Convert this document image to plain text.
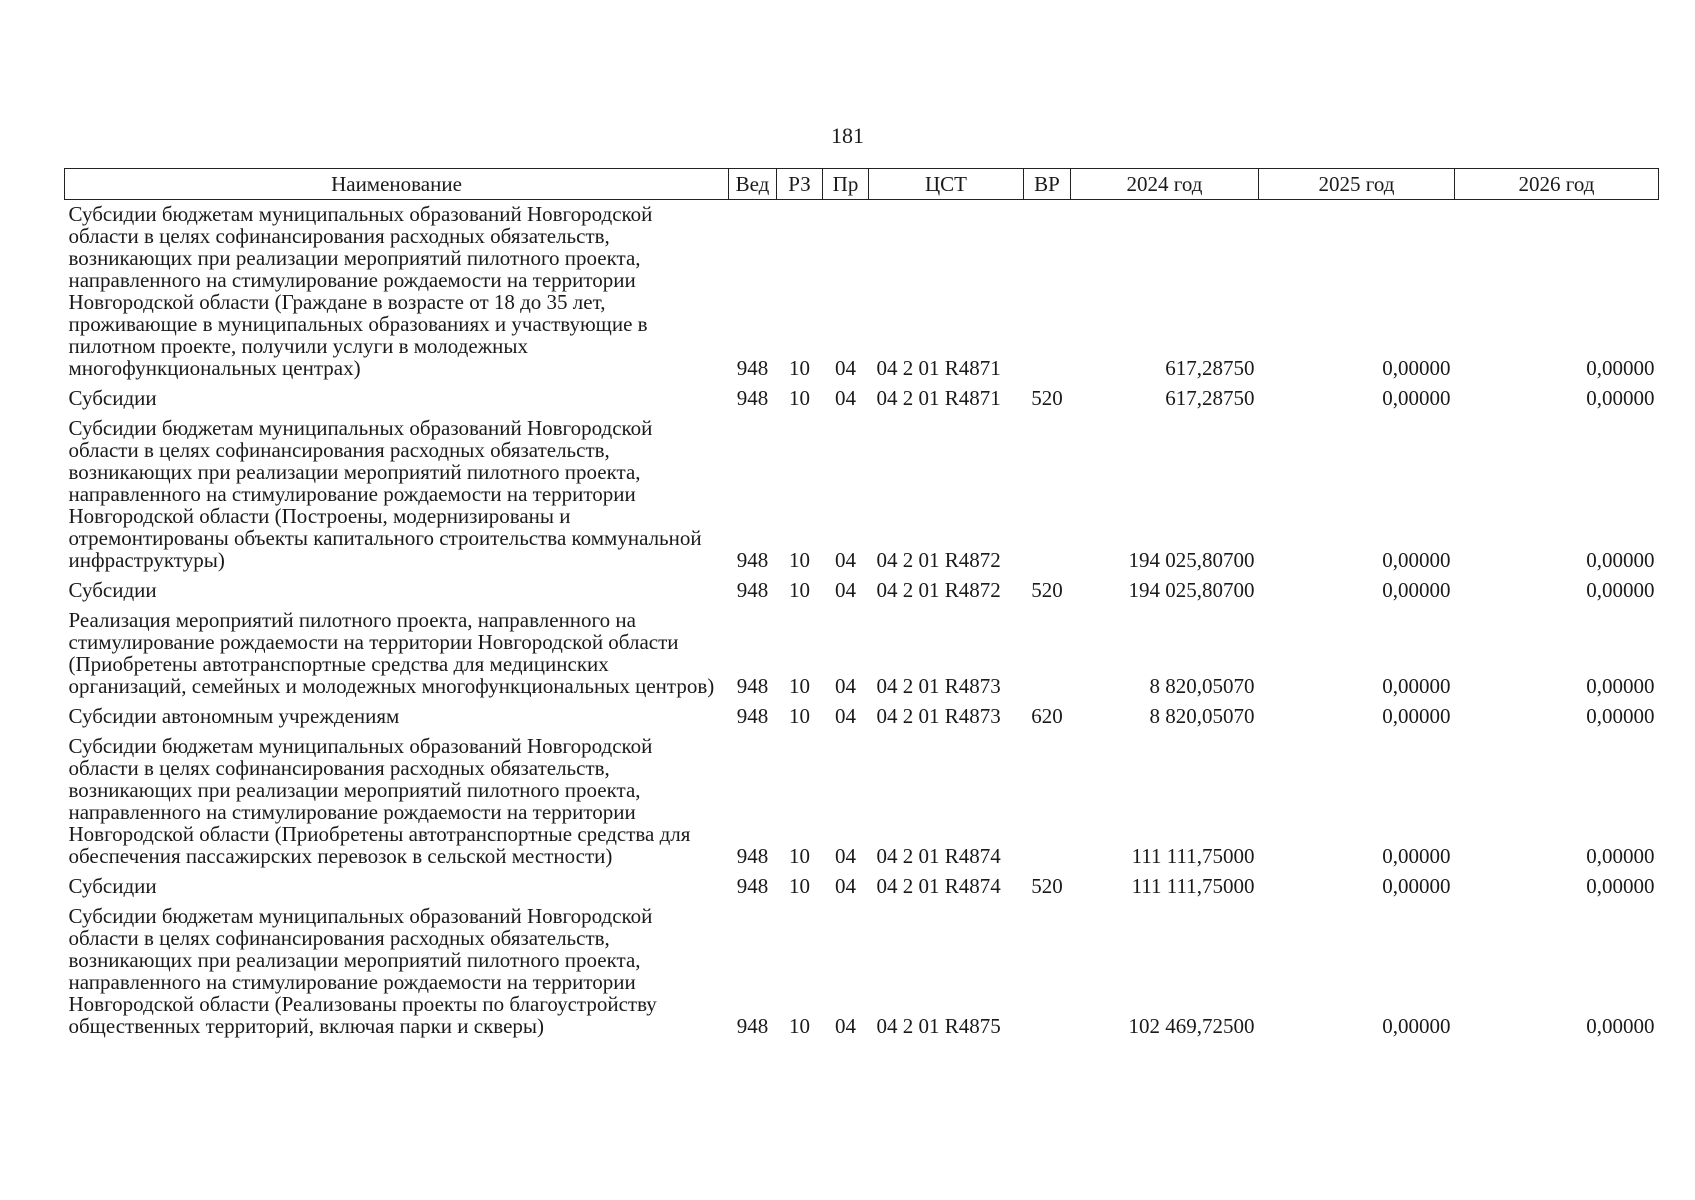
181
Наименование	Вед	РЗ	Пр	ЦСТ	ВР	2024 год	2025 год	2026 год
Субсидии бюджетам муниципальных образований Новгородской области в целях софинансирования расходных обязательств, возникающих при реализации мероприятий пилотного проекта, направленного на стимулирование рождаемости на территории Новгородской области (Граждане в возрасте от 18 до 35 лет, проживающие в муниципальных образованиях и участвующие в пилотном проекте, получили услуги в молодежных многофункциональных центрах)	948	10	04	04 2 01 R4871		617,28750	0,00000	0,00000
Субсидии	948	10	04	04 2 01 R4871	520	617,28750	0,00000	0,00000
Субсидии бюджетам муниципальных образований Новгородской области в целях софинансирования расходных обязательств, возникающих при реализации мероприятий пилотного проекта, направленного на стимулирование рождаемости на территории Новгородской области (Построены, модернизированы и отремонтированы объекты капитального строительства коммунальной инфраструктуры)	948	10	04	04 2 01 R4872		194 025,80700	0,00000	0,00000
Субсидии	948	10	04	04 2 01 R4872	520	194 025,80700	0,00000	0,00000
Реализация мероприятий пилотного проекта, направленного на стимулирование рождаемости на территории Новгородской области (Приобретены автотранспортные средства для медицинских организаций, семейных и молодежных многофункциональных центров)	948	10	04	04 2 01 R4873		8 820,05070	0,00000	0,00000
Субсидии автономным учреждениям	948	10	04	04 2 01 R4873	620	8 820,05070	0,00000	0,00000
Субсидии бюджетам муниципальных образований Новгородской области в целях софинансирования расходных обязательств, возникающих при реализации мероприятий пилотного проекта, направленного на стимулирование рождаемости на территории Новгородской области (Приобретены автотранспортные средства для обеспечения пассажирских перевозок в сельской местности)	948	10	04	04 2 01 R4874		111 111,75000	0,00000	0,00000
Субсидии	948	10	04	04 2 01 R4874	520	111 111,75000	0,00000	0,00000
Субсидии бюджетам муниципальных образований Новгородской области в целях софинансирования расходных обязательств, возникающих при реализации мероприятий пилотного проекта, направленного на стимулирование рождаемости на территории Новгородской области (Реализованы проекты по благоустройству общественных территорий, включая парки и скверы)	948	10	04	04 2 01 R4875		102 469,72500	0,00000	0,00000
